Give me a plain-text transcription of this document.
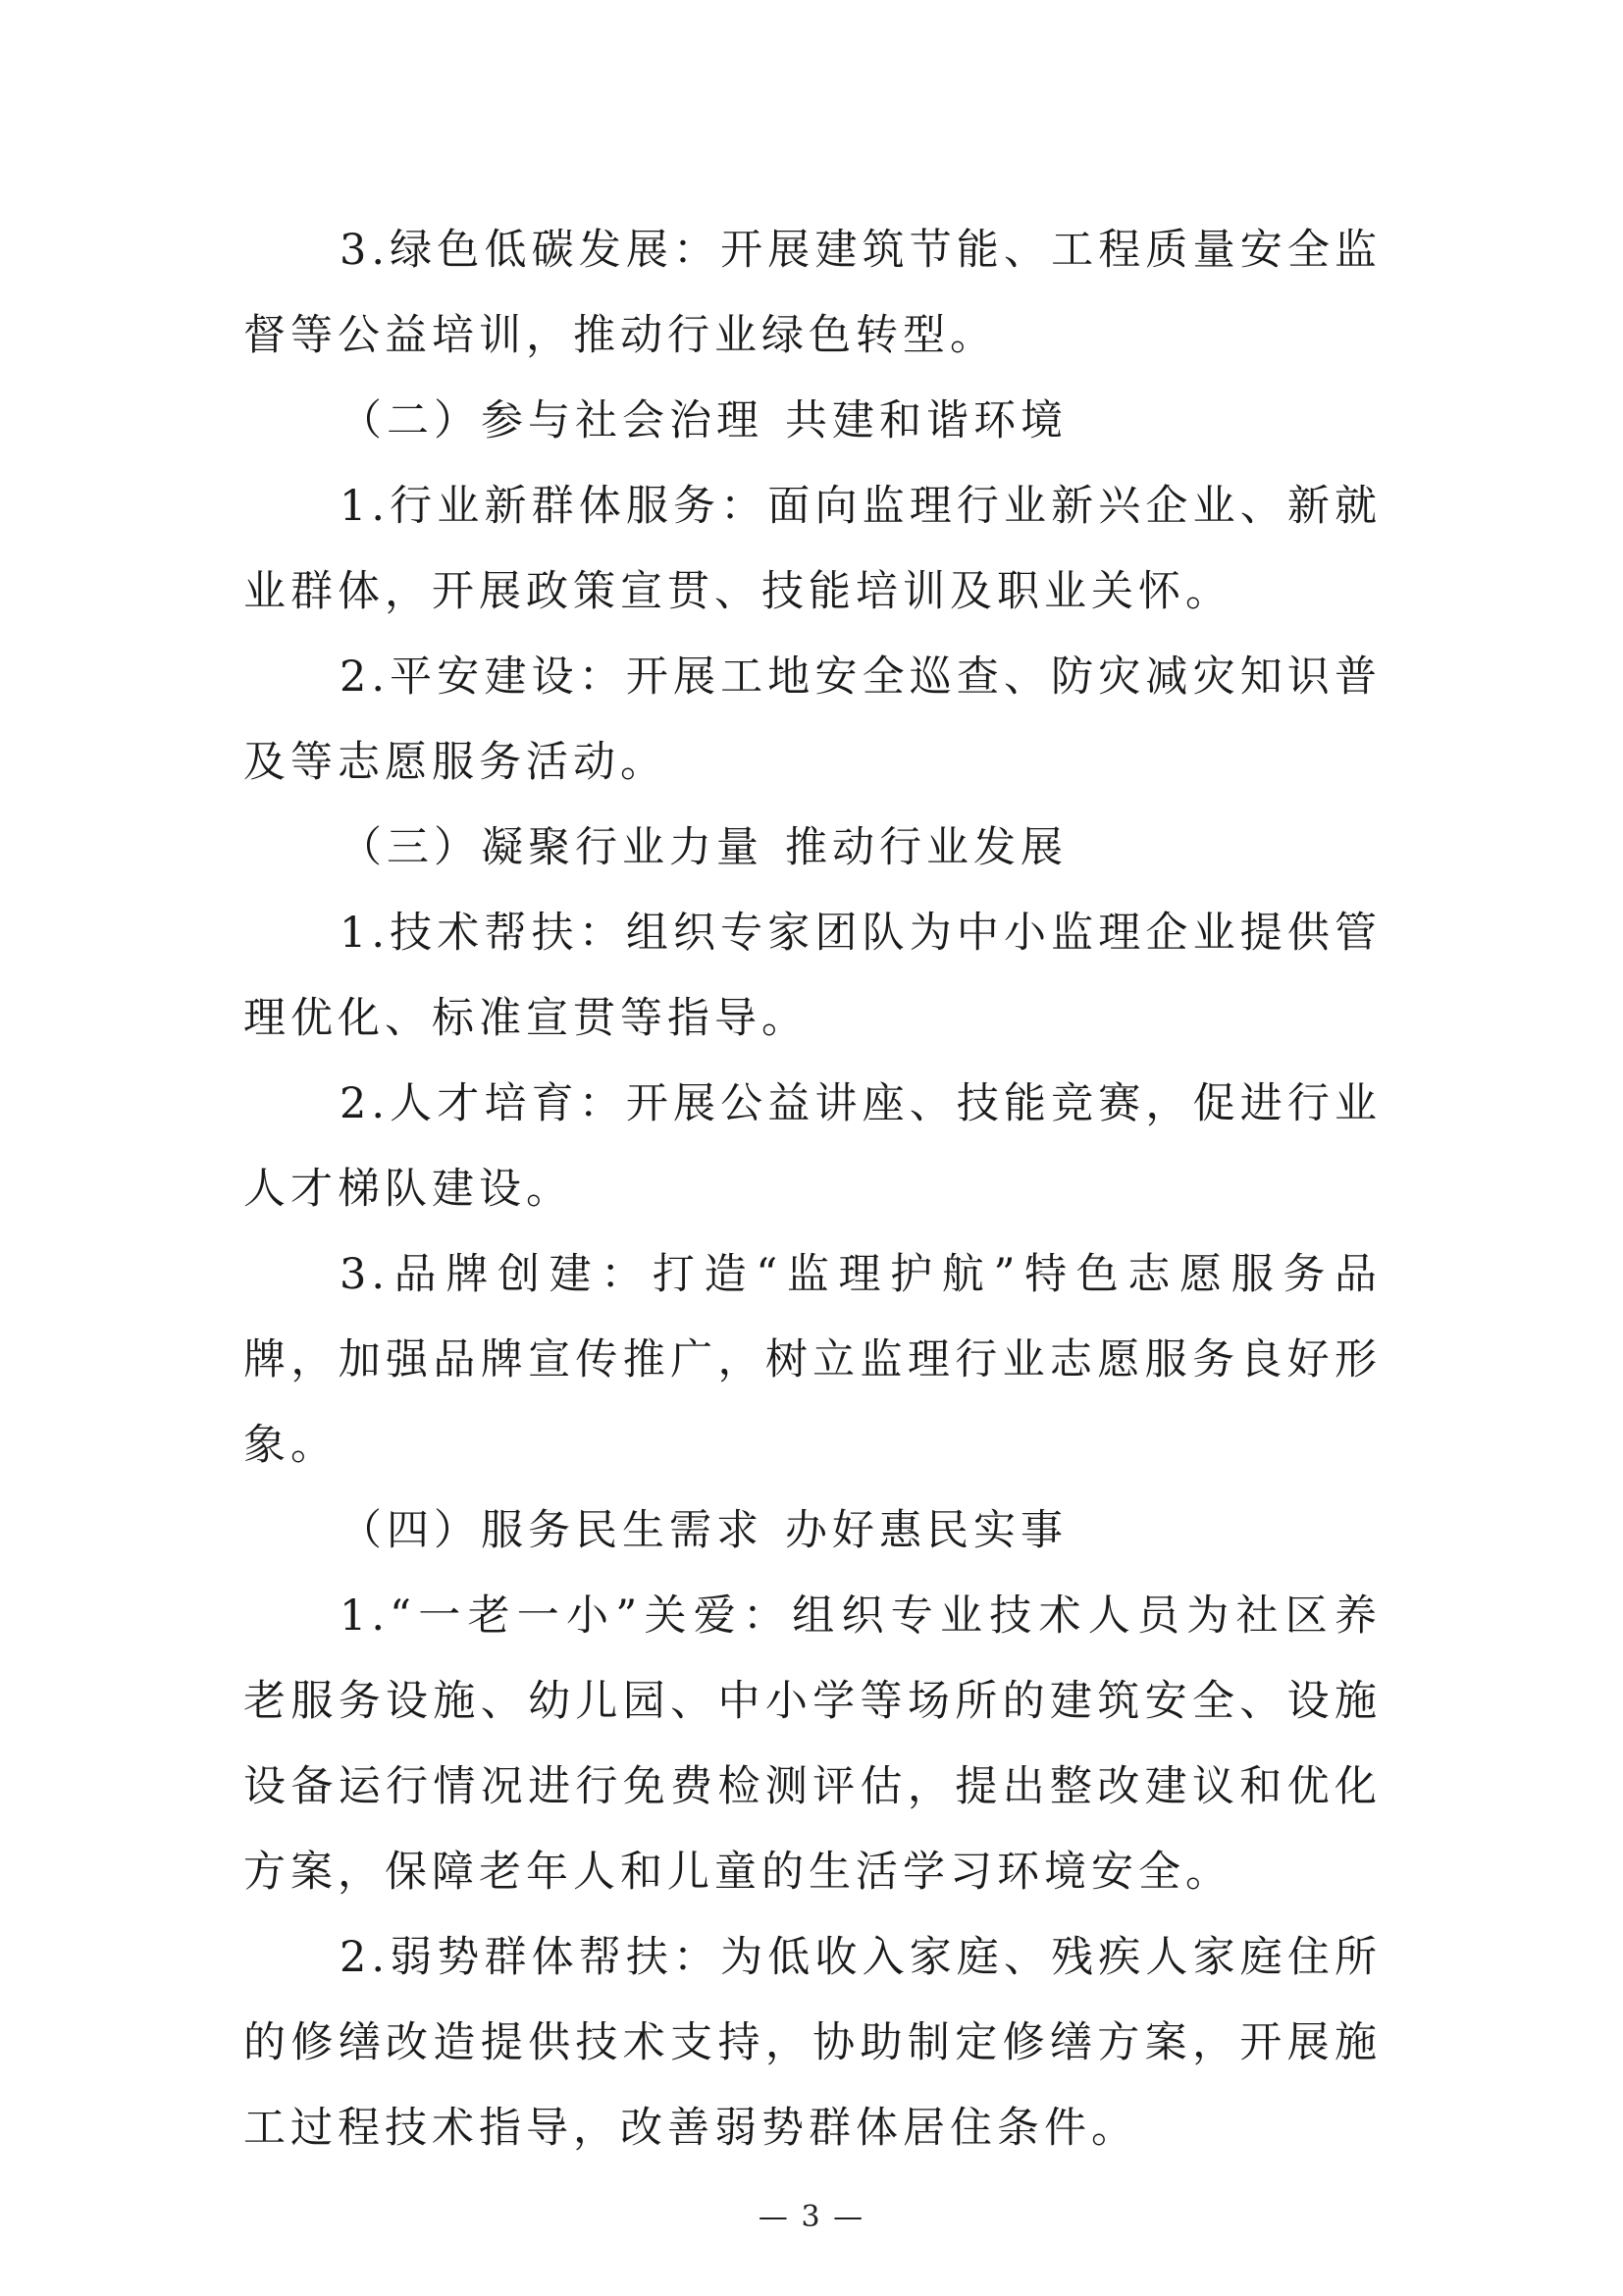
3.绿色低碳发展：开展建筑节能、工程质量安全监督等公益培训，推动行业绿色转型。

（二）参与社会治理 共建和谐环境

1.行业新群体服务：面向监理行业新兴企业、新就业群体，开展政策宣贯、技能培训及职业关怀。

2.平安建设：开展工地安全巡查、防灾减灾知识普及等志愿服务活动。

（三）凝聚行业力量 推动行业发展

1.技术帮扶：组织专家团队为中小监理企业提供管理优化、标准宣贯等指导。

2.人才培育：开展公益讲座、技能竞赛，促进行业人才梯队建设。

3.品牌创建：打造“监理护航”特色志愿服务品牌，加强品牌宣传推广，树立监理行业志愿服务良好形象。

（四）服务民生需求 办好惠民实事

1.“一老一小”关爱：组织专业技术人员为社区养老服务设施、幼儿园、中小学等场所的建筑安全、设施设备运行情况进行免费检测评估，提出整改建议和优化方案，保障老年人和儿童的生活学习环境安全。

2.弱势群体帮扶：为低收入家庭、残疾人家庭住所的修缮改造提供技术支持，协助制定修缮方案，开展施工过程技术指导，改善弱势群体居住条件。

— 3 —
